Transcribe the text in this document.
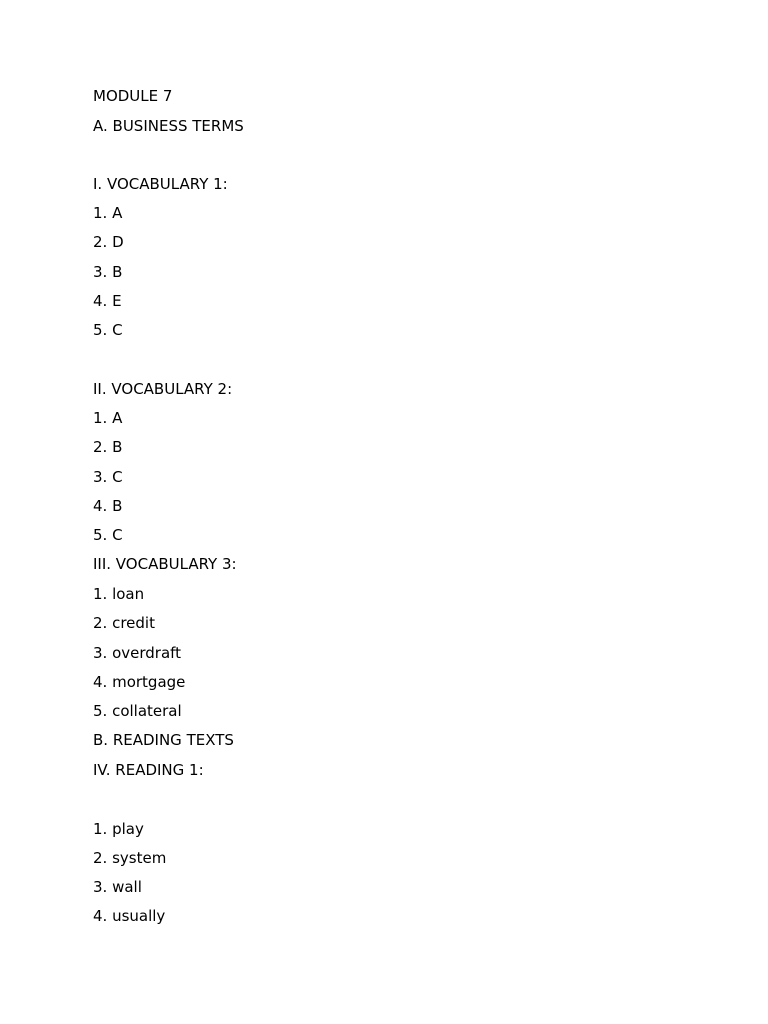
MODULE 7
A. BUSINESS TERMS
I. VOCABULARY 1:
1. A
2. D
3. B
4. E
5. C
II. VOCABULARY 2:
1. A
2. B
3. C
4. B
5. C
III. VOCABULARY 3:
1. loan
2. credit
3. overdraft
4. mortgage
5. collateral
B. READING TEXTS
IV. READING 1:
1. play
2. system
3. wall
4. usually
